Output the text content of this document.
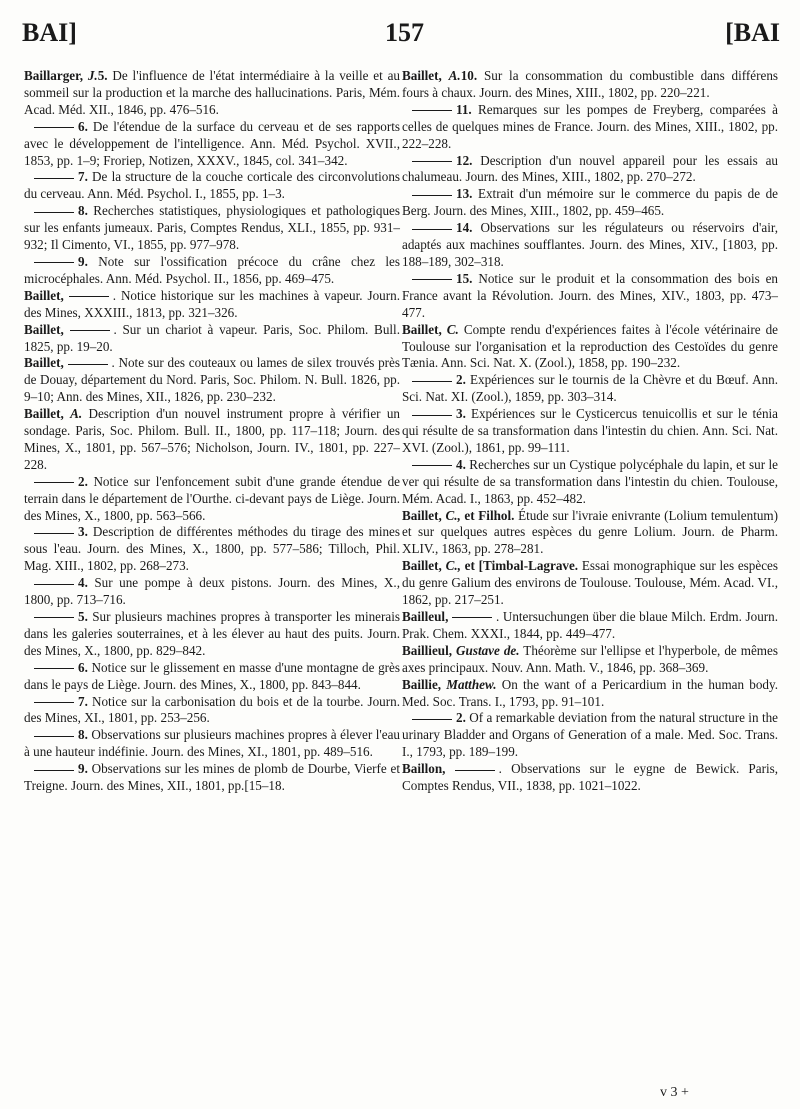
BAI]	157	[BAI

Baillarger, J.5. De l'influence de l'état intermédiaire à la veille et au sommeil sur la production et la marche des hallucinations. Paris, Mém. Acad. Méd. XII., 1846, pp. 476–516.

6. De l'étendue de la surface du cerveau et de ses rapports avec le développement de l'intelligence. Ann. Méd. Psychol. XVII., 1853, pp. 1–9; Froriep, Notizen, XXXV., 1845, col. 341–342.

7. De la structure de la couche corticale des circonvolutions du cerveau. Ann. Méd. Psychol. I., 1855, pp. 1–3.

8. Recherches statistiques, physiologiques et pathologiques sur les enfants jumeaux. Paris, Comptes Rendus, XLI., 1855, pp. 931–932; Il Cimento, VI., 1855, pp. 977–978.

9. Note sur l'ossification précoce du crâne chez les microcéphales. Ann. Méd. Psychol. II., 1856, pp. 469–475.

Baillet,	. Notice historique sur les machines à vapeur. Journ. des Mines, XXXIII., 1813, pp. 321–326.

Baillet,	. Sur un chariot à vapeur. Paris, Soc. Philom. Bull. 1825, pp. 19–20.

Baillet,	. Note sur des couteaux ou lames de silex trouvés près de Douay, département du Nord. Paris, Soc. Philom. N. Bull. 1826, pp. 9–10; Ann. des Mines, XII., 1826, pp. 230–232.

Baillet, A. Description d'un nouvel instrument propre à vérifier un sondage. Paris, Soc. Philom. Bull. II., 1800, pp. 117–118; Journ. des Mines, X., 1801, pp. 567–576; Nicholson, Journ. IV., 1801, pp. 227–228.

2. Notice sur l'enfoncement subit d'une grande étendue de terrain dans le département de l'Ourthe. ci-devant pays de Liège. Journ. des Mines, X., 1800, pp. 563–566.

3. Description de différentes méthodes du tirage des mines sous l'eau. Journ. des Mines, X., 1800, pp. 577–586; Tilloch, Phil. Mag. XIII., 1802, pp. 268–273.

4. Sur une pompe à deux pistons. Journ. des Mines, X., 1800, pp. 713–716.

5. Sur plusieurs machines propres à transporter les minerais dans les galeries souterraines, et à les élever au haut des puits. Journ. des Mines, X., 1800, pp. 829–842.

6. Notice sur le glissement en masse d'une montagne de grès dans le pays de Liège. Journ. des Mines, X., 1800, pp. 843–844.

7. Notice sur la carbonisation du bois et de la tourbe. Journ. des Mines, XI., 1801, pp. 253–256.

8. Observations sur plusieurs machines propres à élever l'eau à une hauteur indéfinie. Journ. des Mines, XI., 1801, pp. 489–516.

9. Observations sur les mines de plomb de Dourbe, Vierfe et Treigne. Journ. des Mines, XII., 1801, pp.[15–18.

Baillet, A.10. Sur la consommation du combustible dans différens fours à chaux. Journ. des Mines, XIII., 1802, pp. 220–221.

11. Remarques sur les pompes de Freyberg, comparées à celles de quelques mines de France. Journ. des Mines, XIII., 1802, pp. 222–228.

12. Description d'un nouvel appareil pour les essais au chalumeau. Journ. des Mines, XIII., 1802, pp. 270–272.

13. Extrait d'un mémoire sur le commerce du papis de de Berg. Journ. des Mines, XIII., 1802, pp. 459–465.

14. Observations sur les régulateurs ou réservoirs d'air, adaptés aux machines soufflantes. Journ. des Mines, XIV., [1803, pp. 188–189, 302–318.

15. Notice sur le produit et la consommation des bois en France avant la Révolution. Journ. des Mines, XIV., 1803, pp. 473–477.

Baillet, C. Compte rendu d'expériences faites à l'école vétérinaire de Toulouse sur l'organisation et la reproduction des Cestoïdes du genre Tænia. Ann. Sci. Nat. X. (Zool.), 1858, pp. 190–232.

2. Expériences sur le tournis de la Chèvre et du Bœuf. Ann. Sci. Nat. XI. (Zool.), 1859, pp. 303–314.

3. Expériences sur le Cysticercus tenuicollis et sur le ténia qui résulte de sa transformation dans l'intestin du chien. Ann. Sci. Nat. XVI. (Zool.), 1861, pp. 99–111.

4. Recherches sur un Cystique polycéphale du lapin, et sur le ver qui résulte de sa transformation dans l'intestin du chien. Toulouse, Mém. Acad. I., 1863, pp. 452–482.

Baillet, C., et Filhol. Étude sur l'ivraie enivrante (Lolium temulentum) et sur quelques autres espèces du genre Lolium. Journ. de Pharm. XLIV., 1863, pp. 278–281.

Baillet, C., et [Timbal-Lagrave. Essai monographique sur les espèces du genre Galium des environs de Toulouse. Toulouse, Mém. Acad. VI., 1862, pp. 217–251.

Bailleul,	. Untersuchungen über die blaue Milch. Erdm. Journ. Prak. Chem. XXXI., 1844, pp. 449–477.

Baillieul, Gustave de. Théorème sur l'ellipse et l'hyperbole, de mêmes axes principaux. Nouv. Ann. Math. V., 1846, pp. 368–369.

Baillie, Matthew. On the want of a Pericardium in the human body. Med. Soc. Trans. I., 1793, pp. 91–101.

2. Of a remarkable deviation from the natural structure in the urinary Bladder and Organs of Generation of a male. Med. Soc. Trans. I., 1793, pp. 189–199.

Baillon,	. Observations sur le eygne de Bewick. Paris, Comptes Rendus, VII., 1838, pp. 1021–1022.

v 3 +
